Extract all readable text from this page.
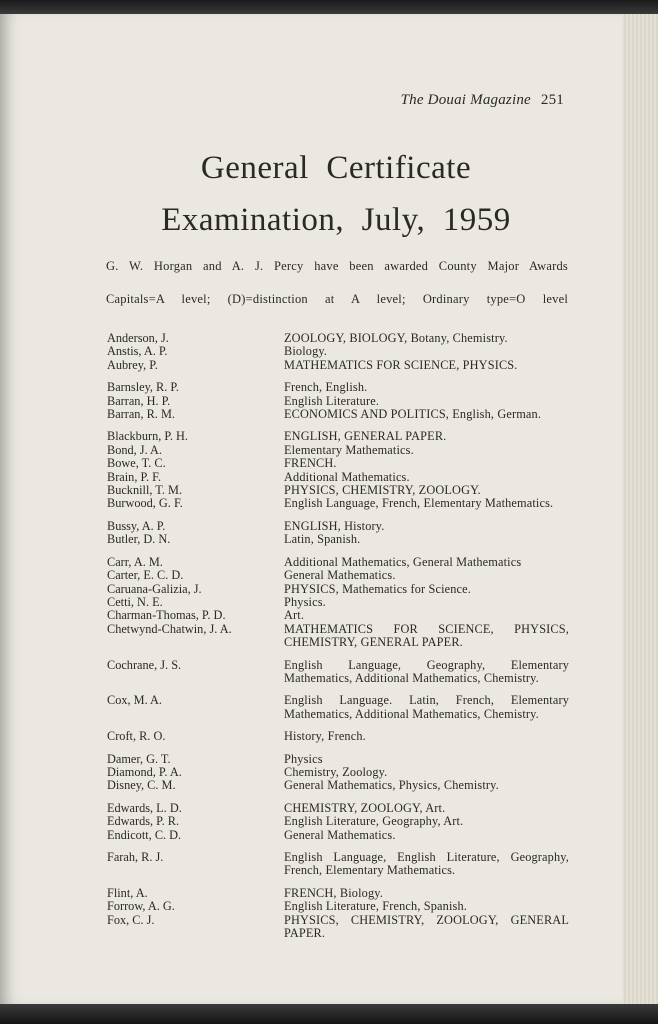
The Douai Magazine 251
General  Certificate
Examination,  July,  1959
G. W. Horgan and A. J. Percy have been awarded County Major Awards
Capitals=A level; (D)=distinction at A level; Ordinary type=O level
Anderson, J.	ZOOLOGY, BIOLOGY, Botany, Chemistry.
Anstis, A. P.	Biology.
Aubrey, P.	MATHEMATICS FOR SCIENCE, PHYSICS.
Barnsley, R. P.	French, English.
Barran, H. P.	English Literature.
Barran, R. M.	ECONOMICS AND POLITICS, English, German.
Blackburn, P. H.	ENGLISH, GENERAL PAPER.
Bond, J. A.	Elementary Mathematics.
Bowe, T. C.	FRENCH.
Brain, P. F.	Additional Mathematics.
Bucknill, T. M.	PHYSICS, CHEMISTRY, ZOOLOGY.
Burwood, G. F.	English Language, French, Elementary Mathematics.
Bussy, A. P.	ENGLISH, History.
Butler, D. N.	Latin, Spanish.
Carr, A. M.	Additional Mathematics, General Mathematics
Carter, E. C. D.	General Mathematics.
Caruana-Galizia, J.	PHYSICS, Mathematics for Science.
Cetti, N. E.	Physics.
Charman-Thomas, P. D.	Art.
Chetwynd-Chatwin, J. A.	MATHEMATICS FOR SCIENCE, PHYSICS, CHEMISTRY, GENERAL PAPER.
Cochrane, J. S.	English Language, Geography, Elementary Mathematics, Additional Mathematics, Chemistry.
Cox, M. A.	English Language. Latin, French, Elementary Mathematics, Additional Mathematics, Chemistry.
Croft, R. O.	History, French.
Damer, G. T.	Physics
Diamond, P. A.	Chemistry, Zoology.
Disney, C. M.	General Mathematics, Physics, Chemistry.
Edwards, L. D.	CHEMISTRY, ZOOLOGY, Art.
Edwards, P. R.	English Literature, Geography, Art.
Endicott, C. D.	General Mathematics.
Farah, R. J.	English Language, English Literature, Geography, French, Elementary Mathematics.
Flint, A.	FRENCH, Biology.
Forrow, A. G.	English Literature, French, Spanish.
Fox, C. J.	PHYSICS, CHEMISTRY, ZOOLOGY, GENERAL PAPER.
